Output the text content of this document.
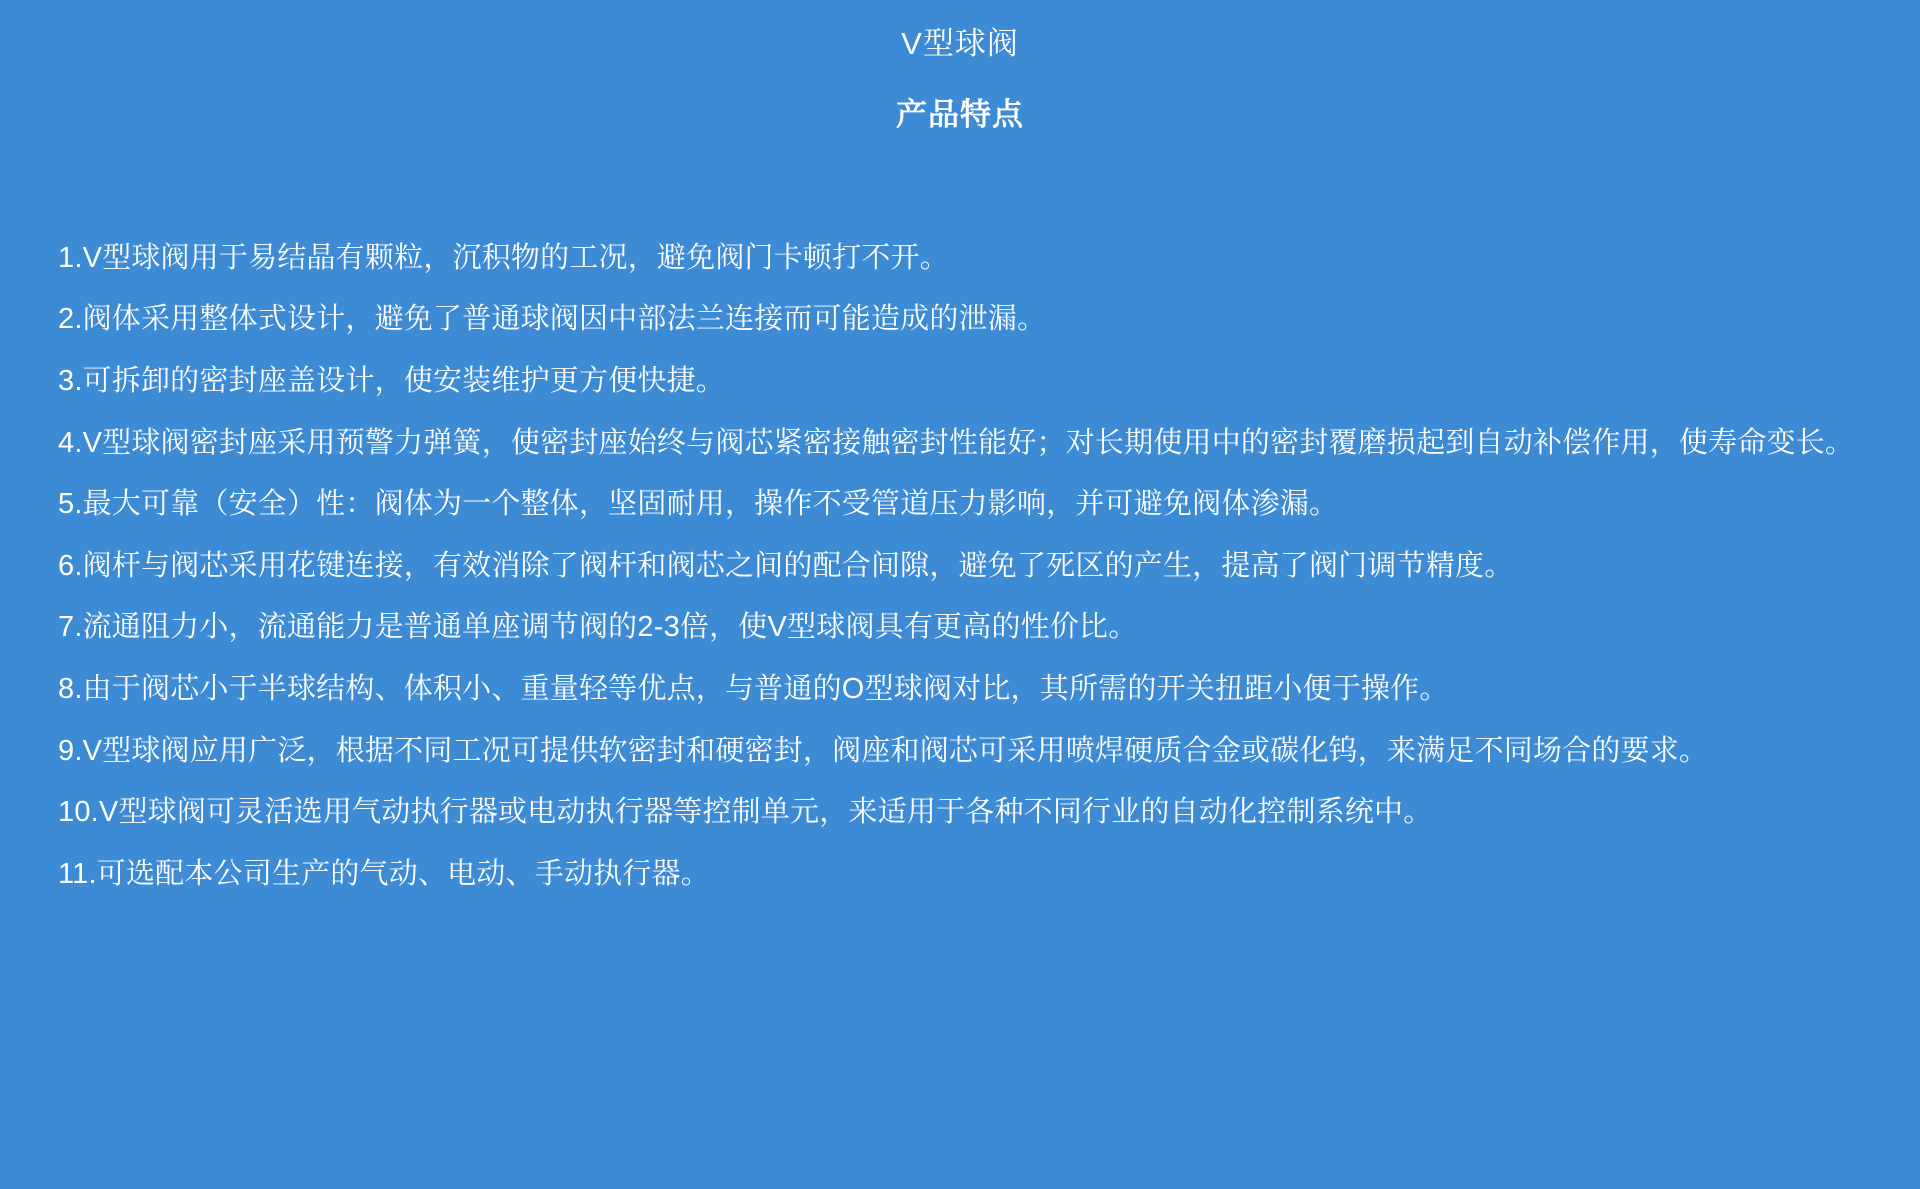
V型球阀
产品特点

1.V型球阀用于易结晶有颗粒，沉积物的工况，避免阀门卡顿打不开。

2.阀体采用整体式设计，避免了普通球阀因中部法兰连接而可能造成的泄漏。

3.可拆卸的密封座盖设计，使安装维护更方便快捷。

4.V型球阀密封座采用预警力弹簧，使密封座始终与阀芯紧密接触密封性能好；对长期使用中的密封覆磨损起到自动补偿作用，使寿命变长。

5.最大可靠（安全）性：阀体为一个整体，坚固耐用，操作不受管道压力影响，并可避免阀体渗漏。

6.阀杆与阀芯采用花键连接，有效消除了阀杆和阀芯之间的配合间隙，避免了死区的产生，提高了阀门调节精度。

7.流通阻力小，流通能力是普通单座调节阀的2-3倍，使V型球阀具有更高的性价比。

8.由于阀芯小于半球结构、体积小、重量轻等优点，与普通的O型球阀对比，其所需的开关扭距小便于操作。

9.V型球阀应用广泛，根据不同工况可提供软密封和硬密封，阀座和阀芯可采用喷焊硬质合金或碳化钨，来满足不同场合的要求。

10.V型球阀可灵活选用气动执行器或电动执行器等控制单元，来适用于各种不同行业的自动化控制系统中。

11.可选配本公司生产的气动、电动、手动执行器。
